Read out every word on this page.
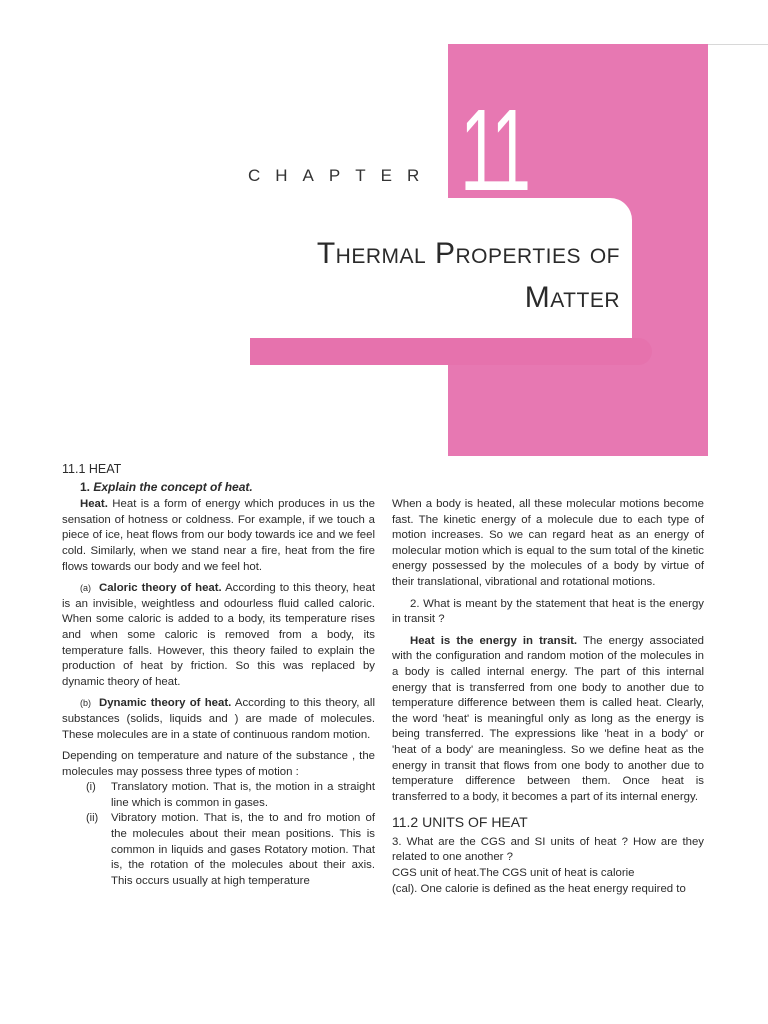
CHAPTER 11
Thermal Properties of
Matter

11.1 HEAT

1. Explain the concept of heat.

Heat. Heat is a form of energy which produces in us the sensation of hotness or coldness. For example, if we touch a piece of ice, heat flows from our body towards ice and we feel cold. Similarly, when we stand near a fire, heat from the fire flows towards our body and we feel hot.

(a) Caloric theory of heat. According to this theory, heat is an invisible, weightless and odourless fluid called caloric. When some caloric is added to a body, its temperature rises and when some caloric is removed from a body, its temperature falls. However, this theory failed to explain the production of heat by friction. So this was replaced by dynamic theory of heat.

(b) Dynamic theory of heat. According to this theory, all substances (solids, liquids and ) are made of molecules. These molecules are in a state of continuous random motion.

Depending on temperature and nature of the substance , the molecules may possess three types of motion :

(i) Translatory motion. That is, the motion in a straight line which is common in gases.
(ii) Vibratory motion. That is, the to and fro motion of the molecules about their mean positions. This is common in liquids and gases Rotatory motion. That is, the rotation of the molecules about their axis. This occurs usually at high temperature

When a body is heated, all these molecular motions become fast. The kinetic energy of a molecule due to each type of motion increases. So we can regard heat as an energy of molecular motion which is equal to the sum total of the kinetic energy possessed by the molecules of a body by virtue of their translational, vibrational and rotational motions.

2. What is meant by the statement that heat is the energy in transit ?

Heat is the energy in transit. The energy associated with the configuration and random motion of the molecules in a body is called internal energy. The part of this internal energy that is transferred from one body to another due to temperature difference between them is called heat. Clearly, the word 'heat' is meaningful only as long as the energy is being transferred. The expressions like 'heat in a body' or 'heat of a body' are meaningless. So we define heat as the energy in transit that flows from one body to another due to temperature difference between them. Once heat is transferred to a body, it becomes a part of its internal energy.

11.2 UNITS OF HEAT

3. What are the CGS and SI units of heat ? How are they related to one another ?

CGS unit of heat.The CGS unit of heat is calorie

(cal). One calorie is defined as the heat energy required to
